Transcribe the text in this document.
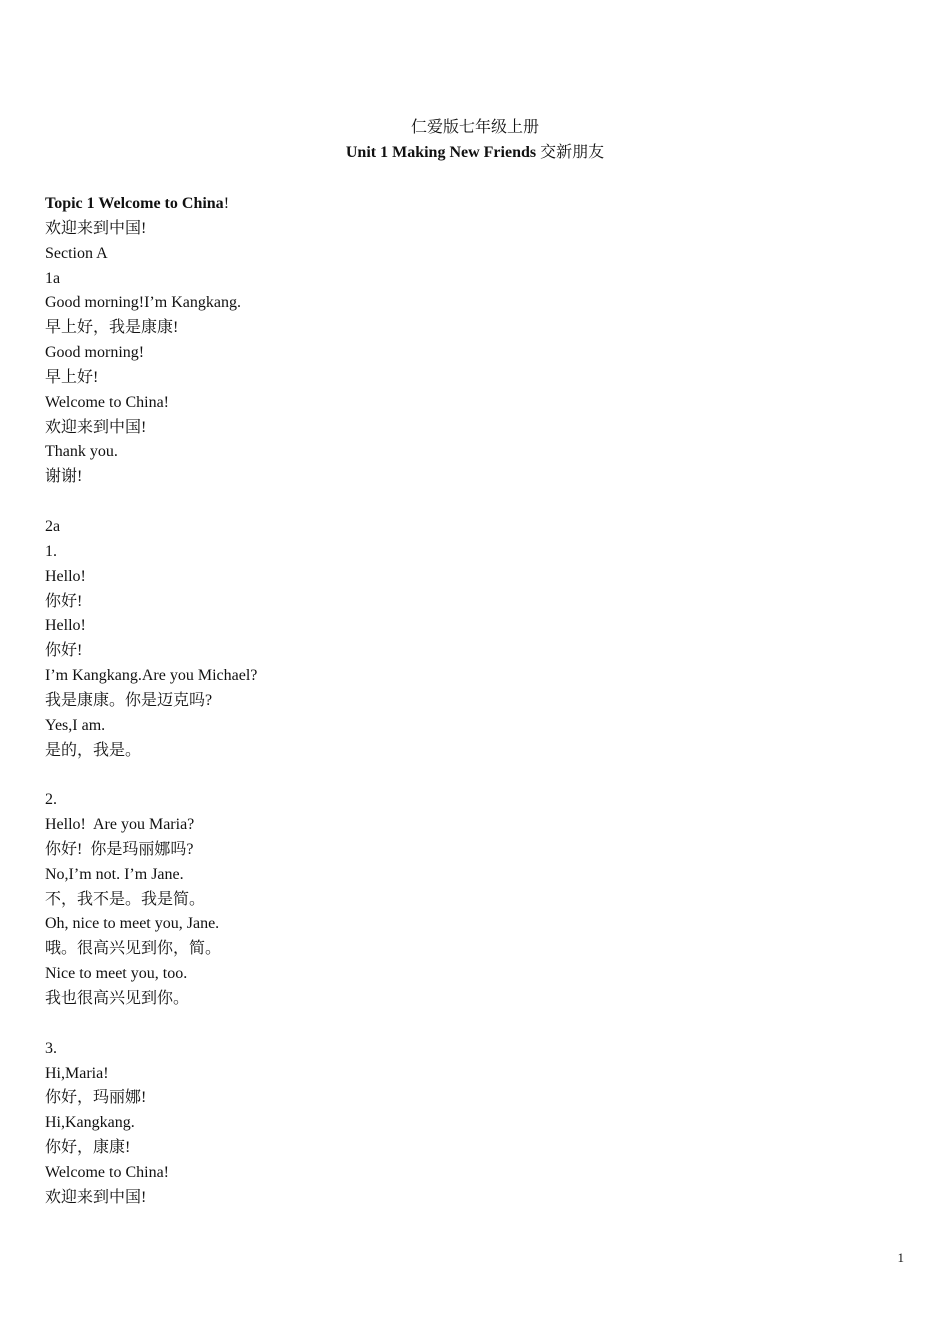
仁爱版七年级上册
Unit 1 Making New Friends 交新朋友
Topic 1 Welcome to China!
欢迎来到中国!
Section A
1a
Good morning!I’m Kangkang.
早上好，我是康康!
Good morning!
早上好!
Welcome to China!
欢迎来到中国!
Thank you.
谢谢!
2a
1.
Hello!
你好!
Hello!
你好!
I’m Kangkang.Are you Michael?
我是康康。你是迈克吗?
Yes,I am.
是的，我是。
2.
Hello!  Are you Maria?
你好!  你是玛丽娜吗?
No,I’m not. I’m Jane.
不，我不是。我是简。
Oh, nice to meet you, Jane.
哦。很高兴见到你，简。
Nice to meet you, too.
我也很高兴见到你。
3.
Hi,Maria!
你好，玛丽娜!
Hi,Kangkang.
你好，康康!
Welcome to China!
欢迎来到中国!
1
